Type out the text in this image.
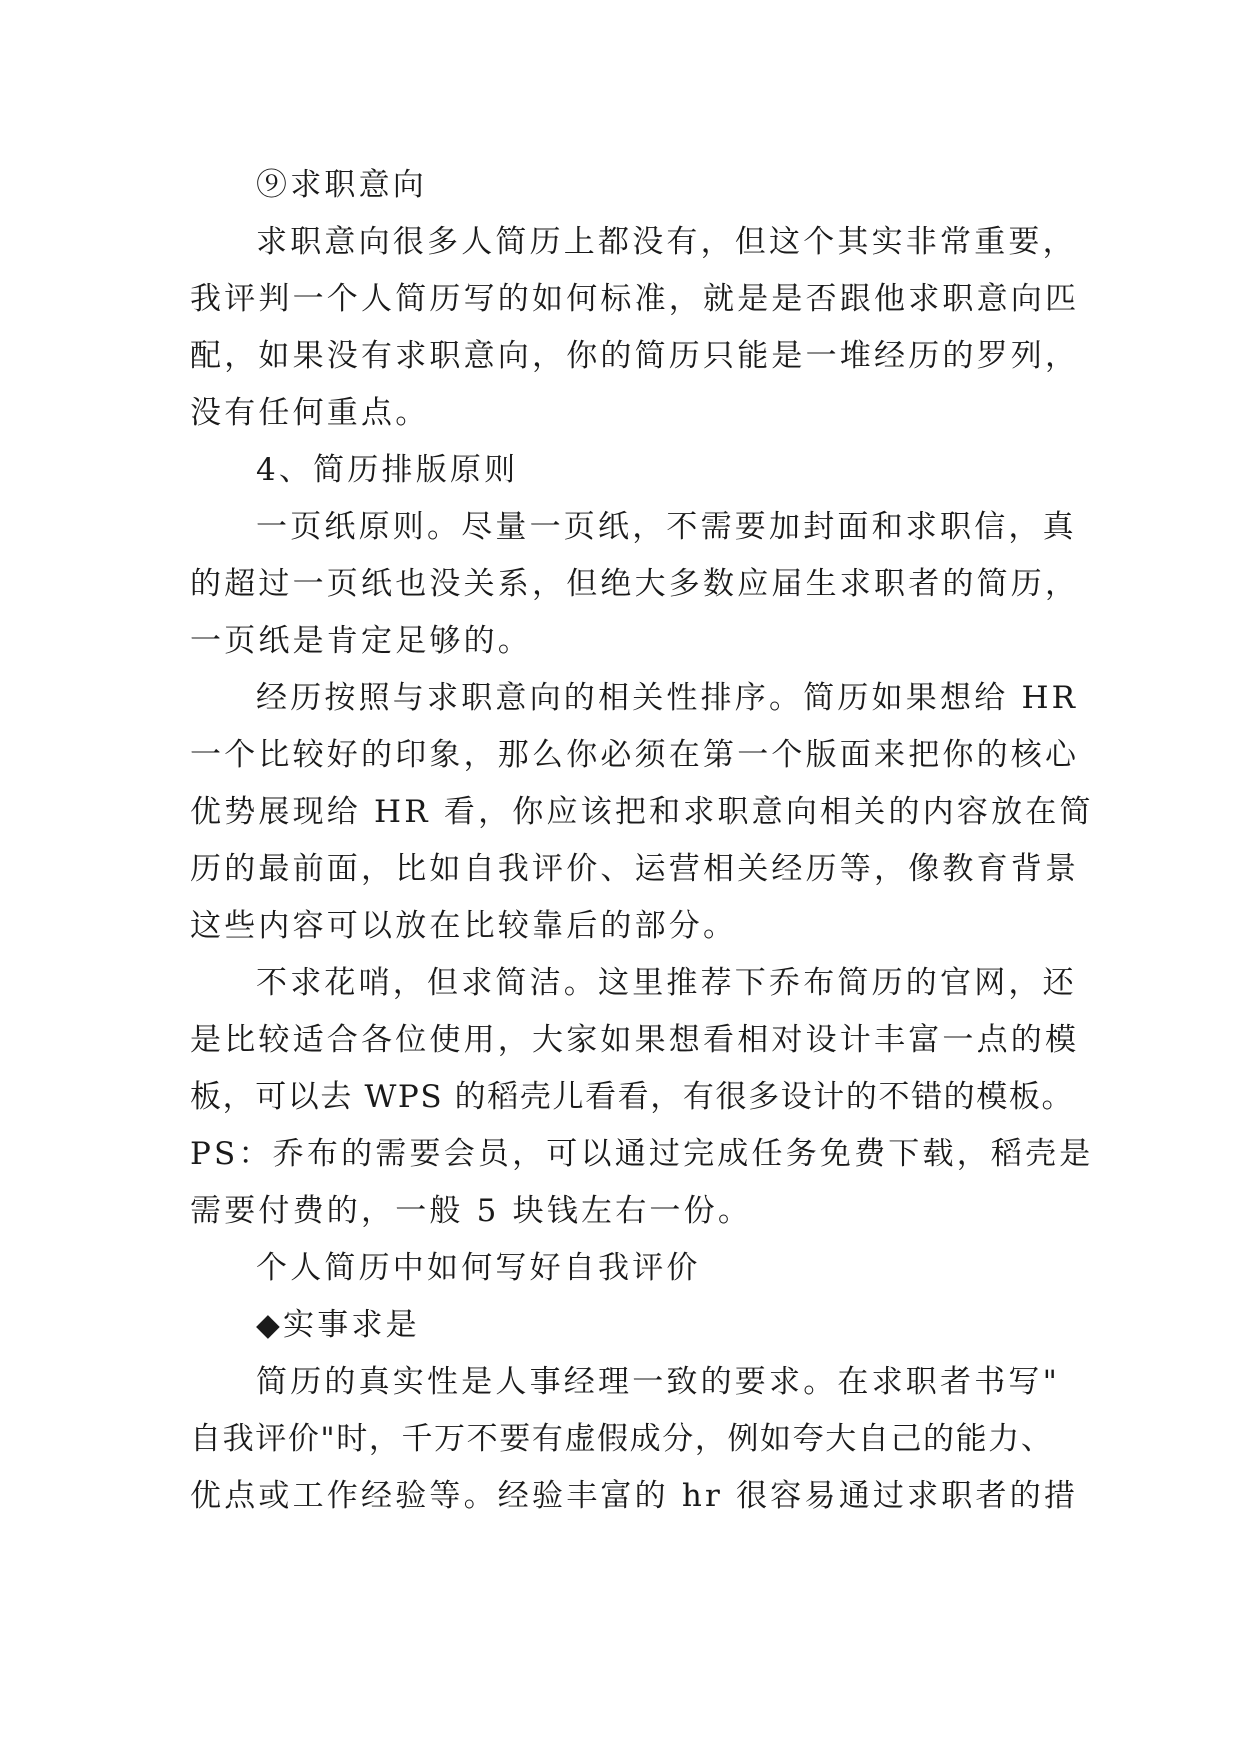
⑨求职意向
求职意向很多人简历上都没有，但这个其实非常重要，
我评判一个人简历写的如何标准，就是是否跟他求职意向匹
配，如果没有求职意向，你的简历只能是一堆经历的罗列，
没有任何重点。
4、简历排版原则
一页纸原则。尽量一页纸，不需要加封面和求职信，真
的超过一页纸也没关系，但绝大多数应届生求职者的简历，
一页纸是肯定足够的。
经历按照与求职意向的相关性排序。简历如果想给 HR
一个比较好的印象，那么你必须在第一个版面来把你的核心
优势展现给 HR 看，你应该把和求职意向相关的内容放在简
历的最前面，比如自我评价、运营相关经历等，像教育背景
这些内容可以放在比较靠后的部分。
不求花哨，但求简洁。这里推荐下乔布简历的官网，还
是比较适合各位使用，大家如果想看相对设计丰富一点的模
板，可以去 WPS 的稻壳儿看看，有很多设计的不错的模板。
PS：乔布的需要会员，可以通过完成任务免费下载，稻壳是
需要付费的，一般 5 块钱左右一份。
个人简历中如何写好自我评价
◆实事求是
简历的真实性是人事经理一致的要求。在求职者书写"
自我评价"时，千万不要有虚假成分，例如夸大自己的能力、
优点或工作经验等。经验丰富的 hr 很容易通过求职者的措
